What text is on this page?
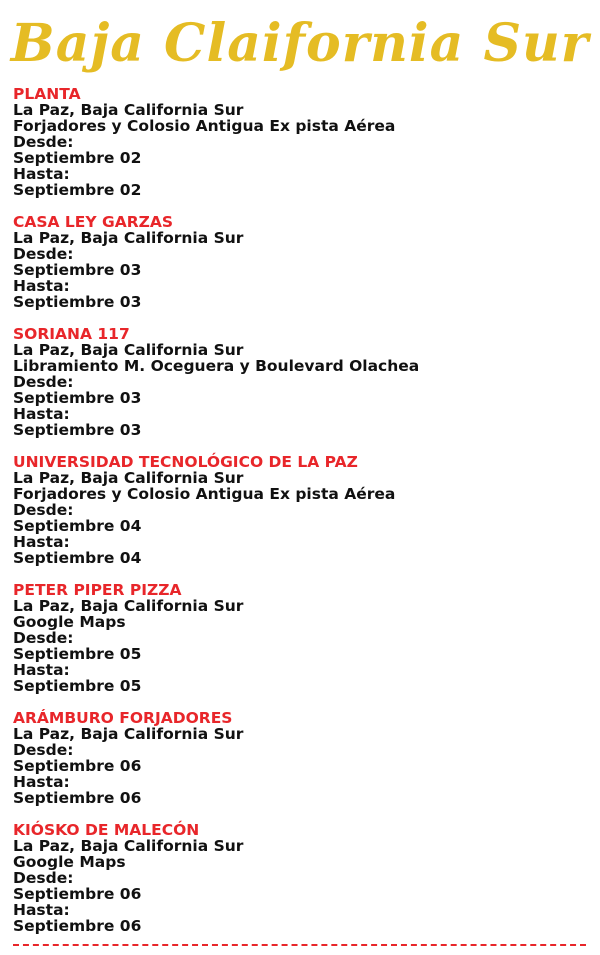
Baja Claifornia Sur
PLANTA
La Paz, Baja California Sur
Forjadores y Colosio Antigua Ex pista Aérea
Desde:
Septiembre 02
Hasta:
Septiembre 02
CASA LEY GARZAS
La Paz, Baja California Sur
Desde:
Septiembre 03
Hasta:
Septiembre 03
SORIANA 117
La Paz, Baja California Sur
Libramiento M. Oceguera y Boulevard Olachea
Desde:
Septiembre 03
Hasta:
Septiembre 03
UNIVERSIDAD TECNOLÓGICO DE LA PAZ
La Paz, Baja California Sur
Forjadores y Colosio Antigua Ex pista Aérea
Desde:
Septiembre 04
Hasta:
Septiembre 04
PETER PIPER PIZZA
La Paz, Baja California Sur
Google Maps
Desde:
Septiembre 05
Hasta:
Septiembre 05
ARÁMBURO FORJADORES
La Paz, Baja California Sur
Desde:
Septiembre 06
Hasta:
Septiembre 06
KIÓSKO DE MALECÓN
La Paz, Baja California Sur
Google Maps
Desde:
Septiembre 06
Hasta:
Septiembre 06
